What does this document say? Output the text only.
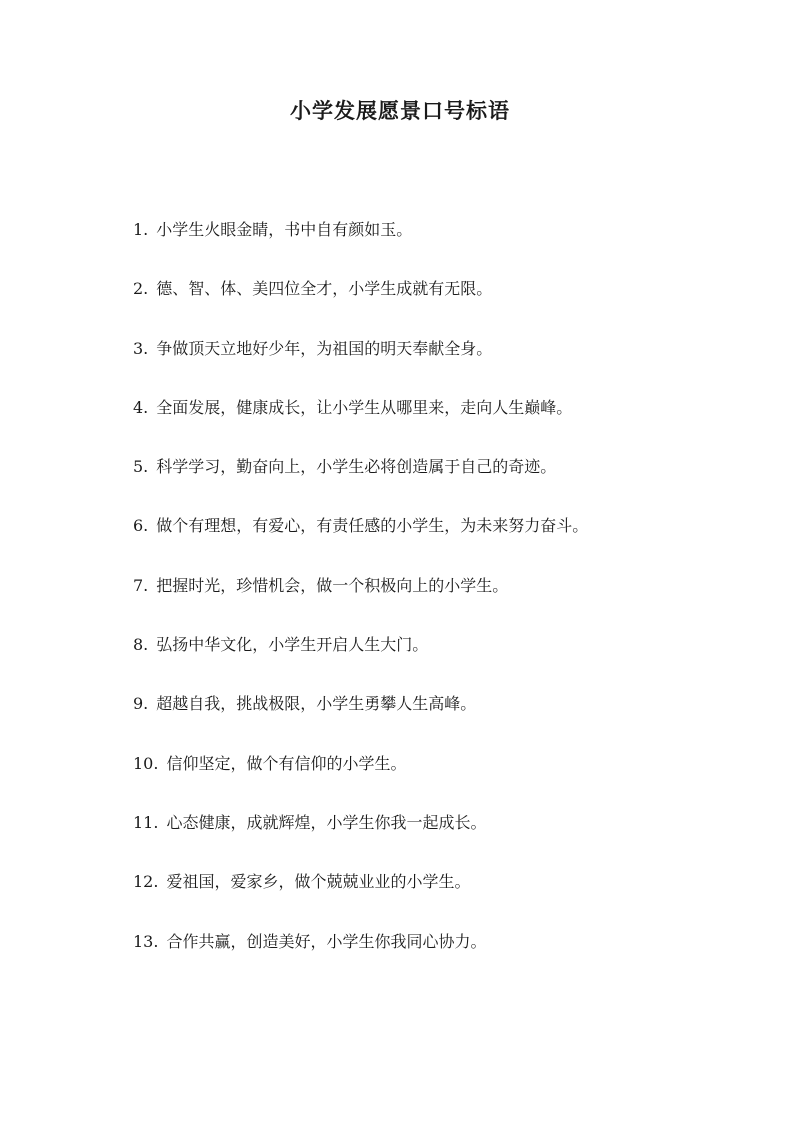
小学发展愿景口号标语
1. 小学生火眼金睛，书中自有颜如玉。
2. 德、智、体、美四位全才，小学生成就有无限。
3. 争做顶天立地好少年，为祖国的明天奉献全身。
4. 全面发展，健康成长，让小学生从哪里来，走向人生巅峰。
5. 科学学习，勤奋向上，小学生必将创造属于自己的奇迹。
6. 做个有理想，有爱心，有责任感的小学生，为未来努力奋斗。
7. 把握时光，珍惜机会，做一个积极向上的小学生。
8. 弘扬中华文化，小学生开启人生大门。
9. 超越自我，挑战极限，小学生勇攀人生高峰。
10. 信仰坚定，做个有信仰的小学生。
11. 心态健康，成就辉煌，小学生你我一起成长。
12. 爱祖国，爱家乡，做个兢兢业业的小学生。
13. 合作共赢，创造美好，小学生你我同心协力。
